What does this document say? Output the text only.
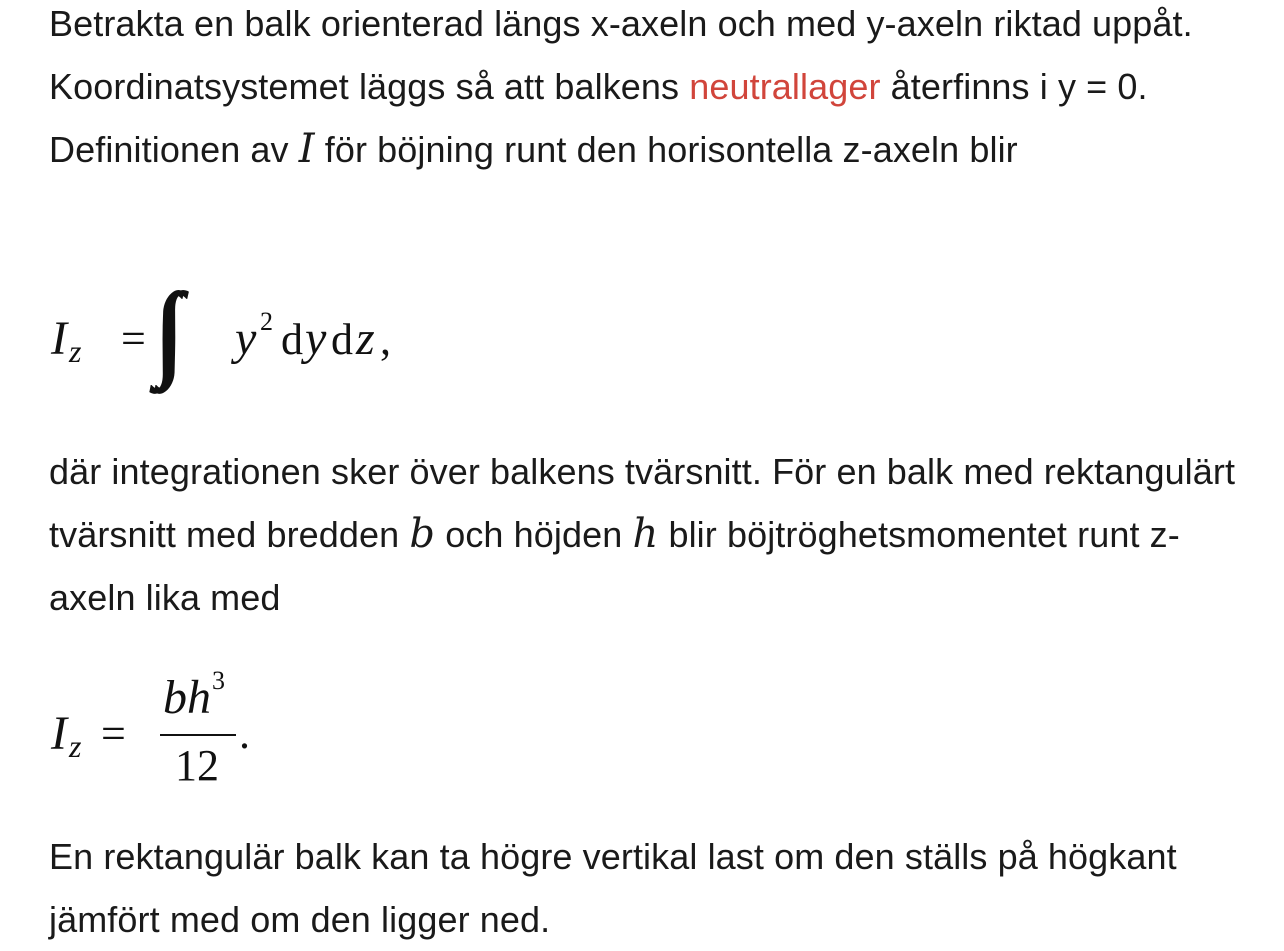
Betrakta en balk orienterad längs x-axeln och med y-axeln riktad uppåt. Koordinatsystemet läggs så att balkens neutrallager återfinns i y = 0. Definitionen av I för böjning runt den horisontella z-axeln blir

I z = y 2 d y d z ,

där integrationen sker över balkens tvärsnitt. För en balk med rektangulärt tvärsnitt med bredden b och höjden h blir böjtröghetsmomentet runt z-axeln lika med

I z =
bh 3
12
.

En rektangulär balk kan ta högre vertikal last om den ställs på högkant jämfört med om den ligger ned.
